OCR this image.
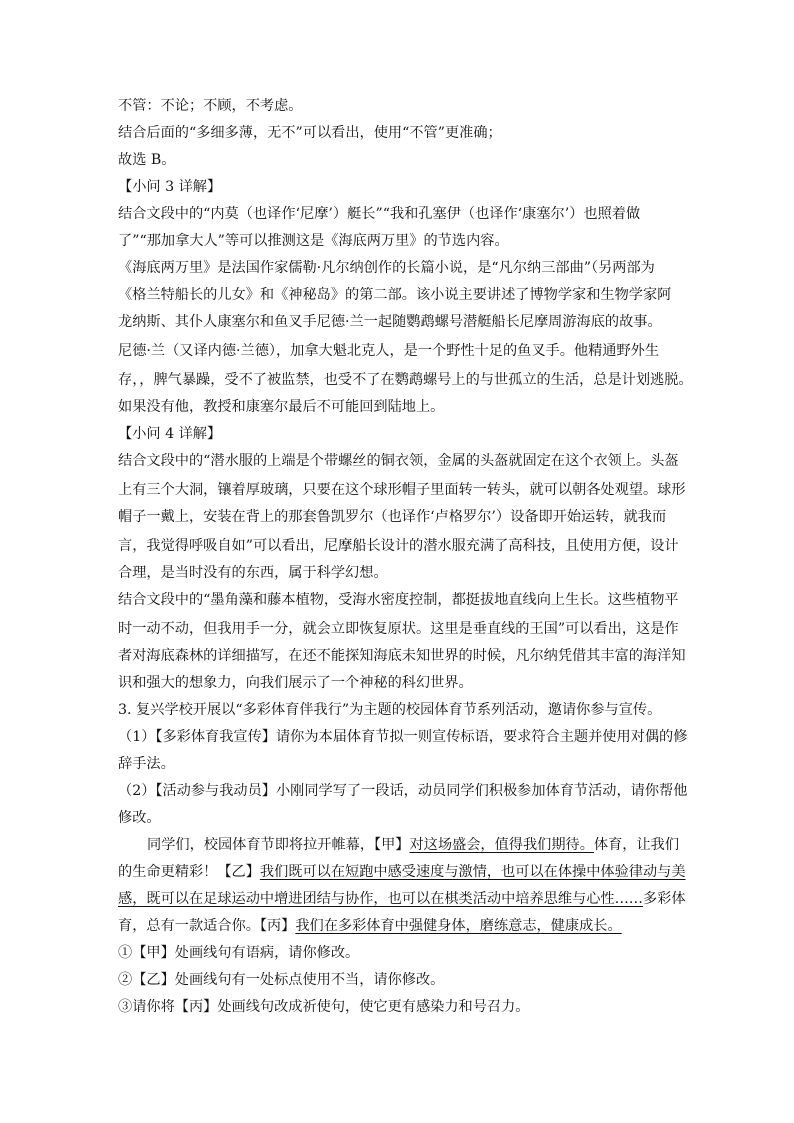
不管：不论；不顾，不考虑。
结合后面的“多细多薄，无不”可以看出，使用“不管”更准确；
故选 B。
【小问 3 详解】
结合文段中的“内莫（也译作‘尼摩’）艇长”“我和孔塞伊（也译作‘康塞尔’）也照着做
了”“那加拿大人”等可以推测这是《海底两万里》的节选内容。
《海底两万里》是法国作家儒勒·凡尔纳创作的长篇小说，是“凡尔纳三部曲”（另两部为
《格兰特船长的儿女》和《神秘岛》的第二部。该小说主要讲述了博物学家和生物学家阿
龙纳斯、其仆人康塞尔和鱼叉手尼德·兰一起随鹦鹉螺号潜艇船长尼摩周游海底的故事。
尼德·兰（又译内德·兰德），加拿大魁北克人，是一个野性十足的鱼叉手。他精通野外生
存，，脾气暴躁，受不了被监禁，也受不了在鹦鹉螺号上的与世孤立的生活，总是计划逃脱。
如果没有他，教授和康塞尔最后不可能回到陆地上。
【小问 4 详解】
结合文段中的“潜水服的上端是个带螺丝的铜衣领，金属的头盔就固定在这个衣领上。头盔
上有三个大洞，镶着厚玻璃，只要在这个球形帽子里面转一转头，就可以朝各处观望。球形
帽子一戴上，安装在背上的那套鲁凯罗尔（也译作‘卢格罗尔’）设备即开始运转，就我而
言，我觉得呼吸自如”可以看出，尼摩船长设计的潜水服充满了高科技，且使用方便，设计
合理，是当时没有的东西，属于科学幻想。
结合文段中的“墨角藻和藤本植物，受海水密度控制，都挺拔地直线向上生长。这些植物平
时一动不动，但我用手一分，就会立即恢复原状。这里是垂直线的王国”可以看出，这是作
者对海底森林的详细描写，在还不能探知海底未知世界的时候，凡尔纳凭借其丰富的海洋知
识和强大的想象力，向我们展示了一个神秘的科幻世界。
3. 复兴学校开展以“多彩体育伴我行”为主题的校园体育节系列活动，邀请你参与宣传。
（1）【多彩体育我宣传】请你为本届体育节拟一则宣传标语，要求符合主题并使用对偶的修
辞手法。
（2）【活动参与我动员】小刚同学写了一段话，动员同学们积极参加体育节活动，请你帮他
修改。
同学们，校园体育节即将拉开帷幕，【甲】对这场盛会，值得我们期待。体育，让我们
的生命更精彩！【乙】我们既可以在短跑中感受速度与激情，也可以在体操中体验律动与美
感，既可以在足球运动中增进团结与协作，也可以在棋类活动中培养思维与心性……多彩体
育，总有一款适合你。【丙】我们在多彩体育中强健身体，磨练意志，健康成长。
①【甲】处画线句有语病，请你修改。
②【乙】处画线句有一处标点使用不当，请你修改。
③请你将【丙】处画线句改成祈使句，使它更有感染力和号召力。
